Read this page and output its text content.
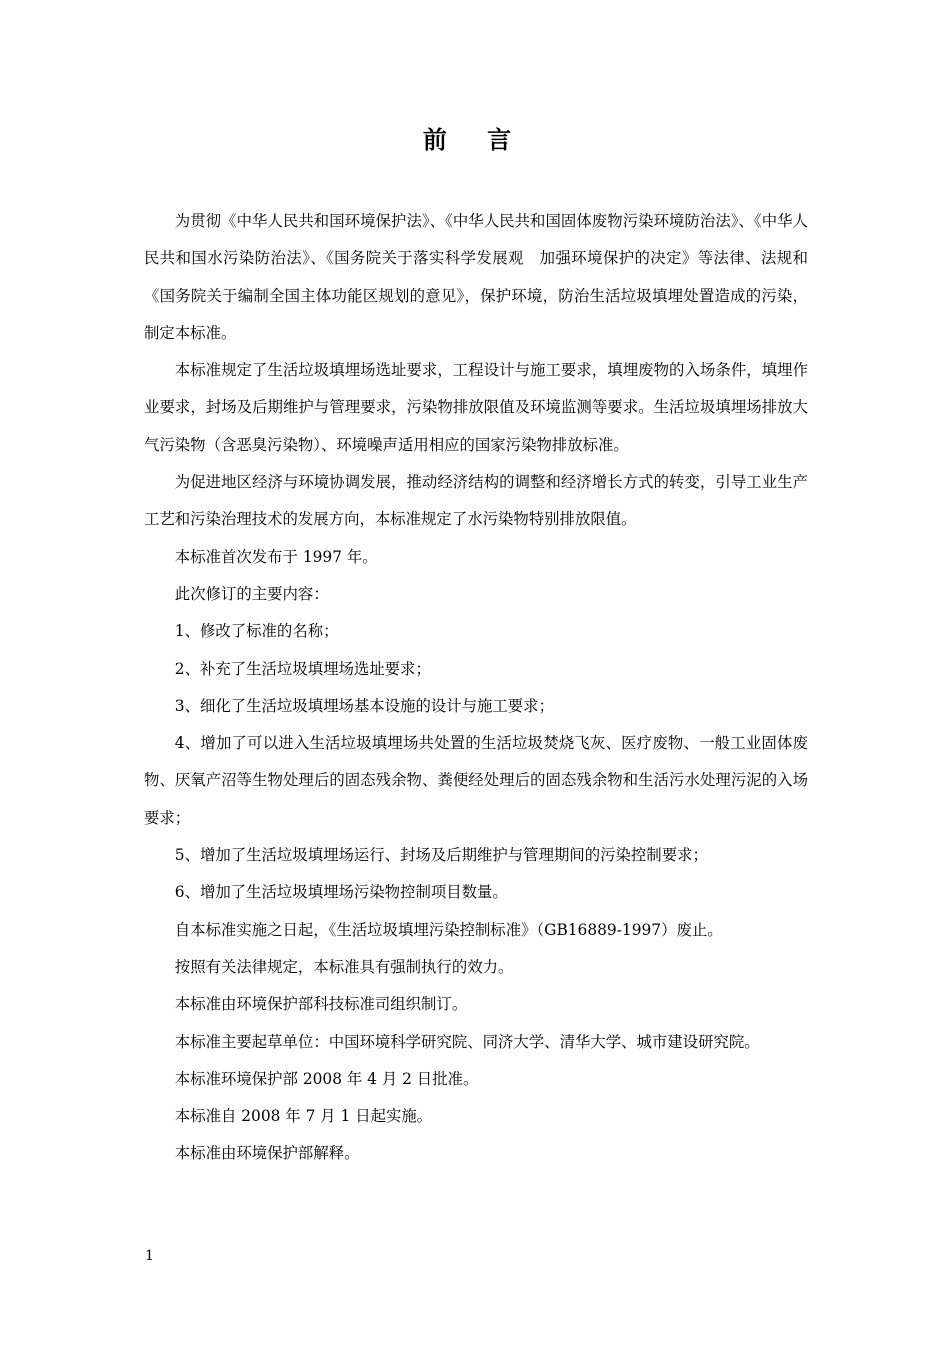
前 言

为贯彻《中华人民共和国环境保护法》、《中华人民共和国固体废物污染环境防治法》、《中华人民共和国水污染防治法》、《国务院关于落实科学发展观　加强环境保护的决定》等法律、法规和《国务院关于编制全国主体功能区规划的意见》，保护环境，防治生活垃圾填埋处置造成的污染，制定本标准。

本标准规定了生活垃圾填埋场选址要求，工程设计与施工要求，填埋废物的入场条件，填埋作业要求，封场及后期维护与管理要求，污染物排放限值及环境监测等要求。生活垃圾填埋场排放大气污染物（含恶臭污染物）、环境噪声适用相应的国家污染物排放标准。

为促进地区经济与环境协调发展，推动经济结构的调整和经济增长方式的转变，引导工业生产工艺和污染治理技术的发展方向，本标准规定了水污染物特别排放限值。

本标准首次发布于 1997 年。

此次修订的主要内容：

1、修改了标准的名称；

2、补充了生活垃圾填埋场选址要求；

3、细化了生活垃圾填埋场基本设施的设计与施工要求；

4、增加了可以进入生活垃圾填埋场共处置的生活垃圾焚烧飞灰、医疗废物、一般工业固体废物、厌氧产沼等生物处理后的固态残余物、粪便经处理后的固态残余物和生活污水处理污泥的入场要求；

5、增加了生活垃圾填埋场运行、封场及后期维护与管理期间的污染控制要求；

6、增加了生活垃圾填埋场污染物控制项目数量。

自本标准实施之日起，《生活垃圾填埋污染控制标准》（GB16889-1997）废止。

按照有关法律规定，本标准具有强制执行的效力。

本标准由环境保护部科技标准司组织制订。

本标准主要起草单位：中国环境科学研究院、同济大学、清华大学、城市建设研究院。

本标准环境保护部 2008 年 4 月 2 日批准。

本标准自 2008 年 7 月 1 日起实施。

本标准由环境保护部解释。

1
